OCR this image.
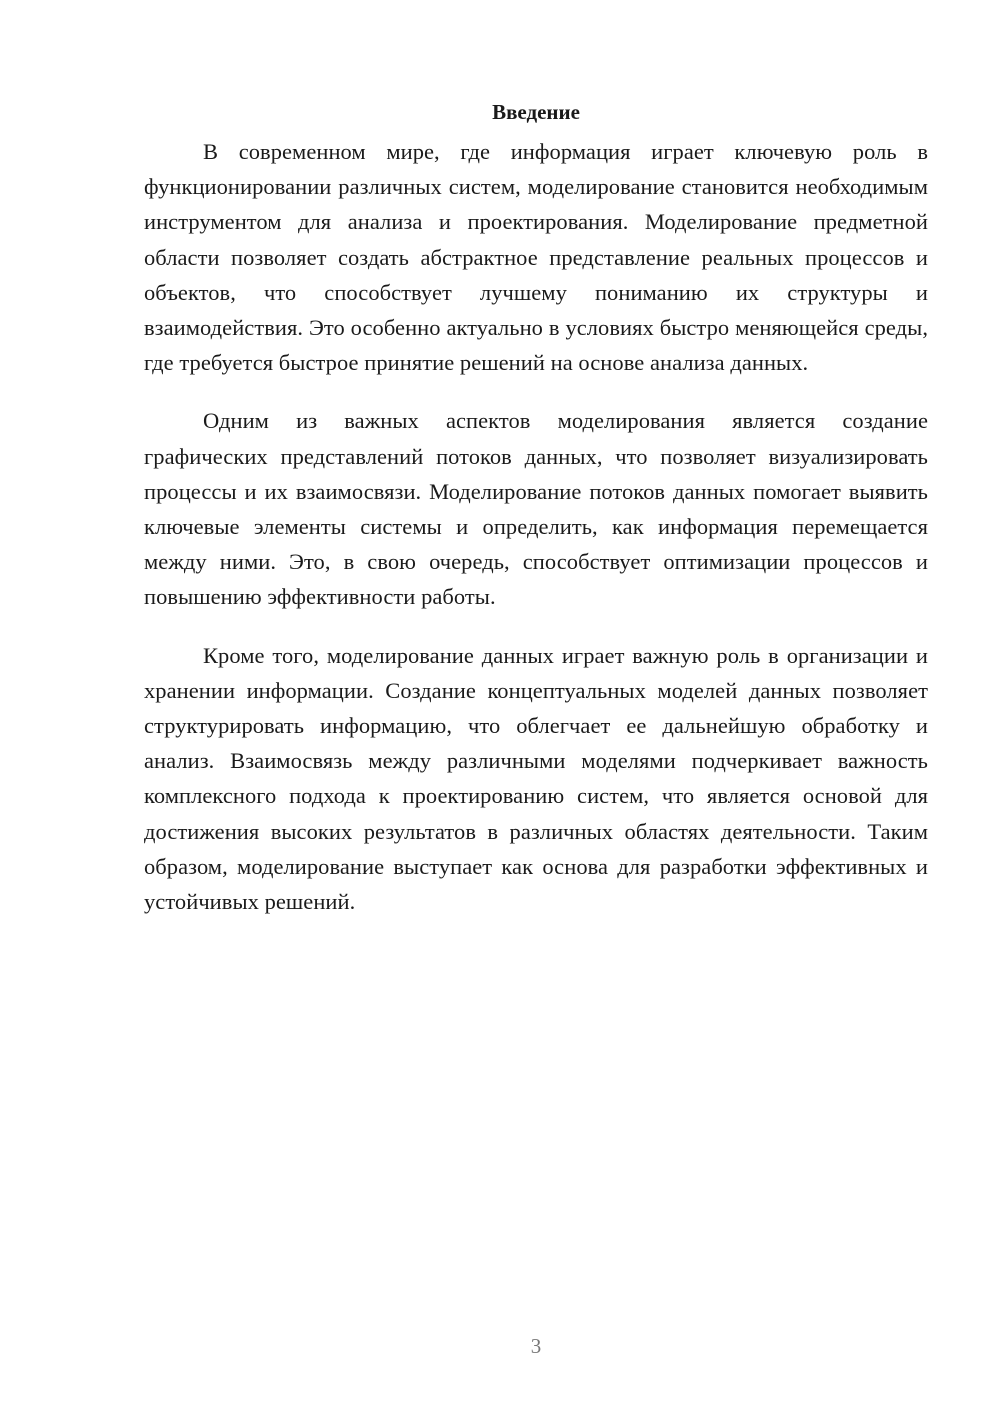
Введение

В современном мире, где информация играет ключевую роль в функционировании различных систем, моделирование становится необходимым инструментом для анализа и проектирования. Моделирование предметной области позволяет создать абстрактное представление реальных процессов и объектов, что способствует лучшему пониманию их структуры и взаимодействия. Это особенно актуально в условиях быстро меняющейся среды, где требуется быстрое принятие решений на основе анализа данных.

Одним из важных аспектов моделирования является создание графических представлений потоков данных, что позволяет визуализировать процессы и их взаимосвязи. Моделирование потоков данных помогает выявить ключевые элементы системы и определить, как информация перемещается между ними. Это, в свою очередь, способствует оптимизации процессов и повышению эффективности работы.

Кроме того, моделирование данных играет важную роль в организации и хранении информации. Создание концептуальных моделей данных позволяет структурировать информацию, что облегчает ее дальнейшую обработку и анализ. Взаимосвязь между различными моделями подчеркивает важность комплексного подхода к проектированию систем, что является основой для достижения высоких результатов в различных областях деятельности. Таким образом, моделирование выступает как основа для разработки эффективных и устойчивых решений.

3
